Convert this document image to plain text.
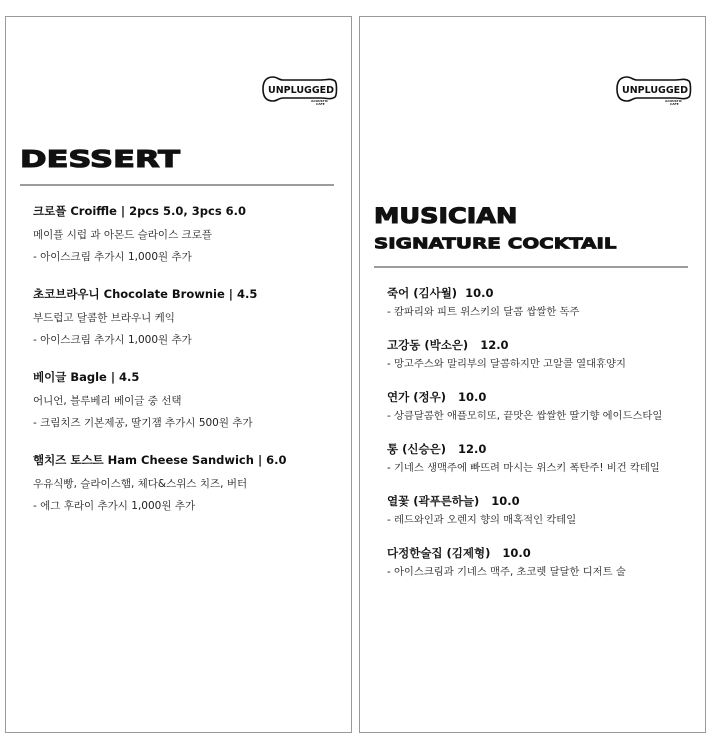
UNPLUGGED
ACOUSTIC
CAFE
DESSERT
크로플 Croiffle | 2pcs 5.0, 3pcs 6.0
메이플 시럽 과 아몬드 슬라이스 크로플
- 아이스크림 추가시 1,000원 추가
초코브라우니 Chocolate Brownie | 4.5
부드럽고 달콤한 브라우니 케익
- 아이스크림 추가시 1,000원 추가
베이글 Bagle | 4.5
어니언, 블루베리 베이글 중 선택
- 크림치즈 기본제공, 딸기잼 추가시 500원 추가
햄치즈 토스트 Ham Cheese Sandwich | 6.0
우유식빵, 슬라이스햄, 체다&스위스 치즈, 버터
- 에그 후라이 추가시 1,000원 추가
UNPLUGGED
ACOUSTIC
CAFE
MUSICIAN
SIGNATURE COCKTAIL
죽어 (김사월) 10.0
- 캄파리와 피트 위스키의 달콤 쌉쌀한 독주
고강동 (박소은) 12.0
- 망고주스와 말리부의 달콤하지만 고알콜 열대휴양지
연가 (정우) 10.0
- 상큼달콤한 애플모히또, 끝맛은 쌉쌀한 딸기향 에이드스타일
통 (신승은) 12.0
- 기네스 생맥주에 빠뜨려 마시는 위스키 폭탄주! 비건 칵테일
열꽃 (곽푸른하늘) 10.0
- 레드와인과 오렌지 향의 매혹적인 칵테일
다정한술집 (김제형) 10.0
- 아이스크림과 기네스 맥주, 초코렛 달달한 디저트 술
